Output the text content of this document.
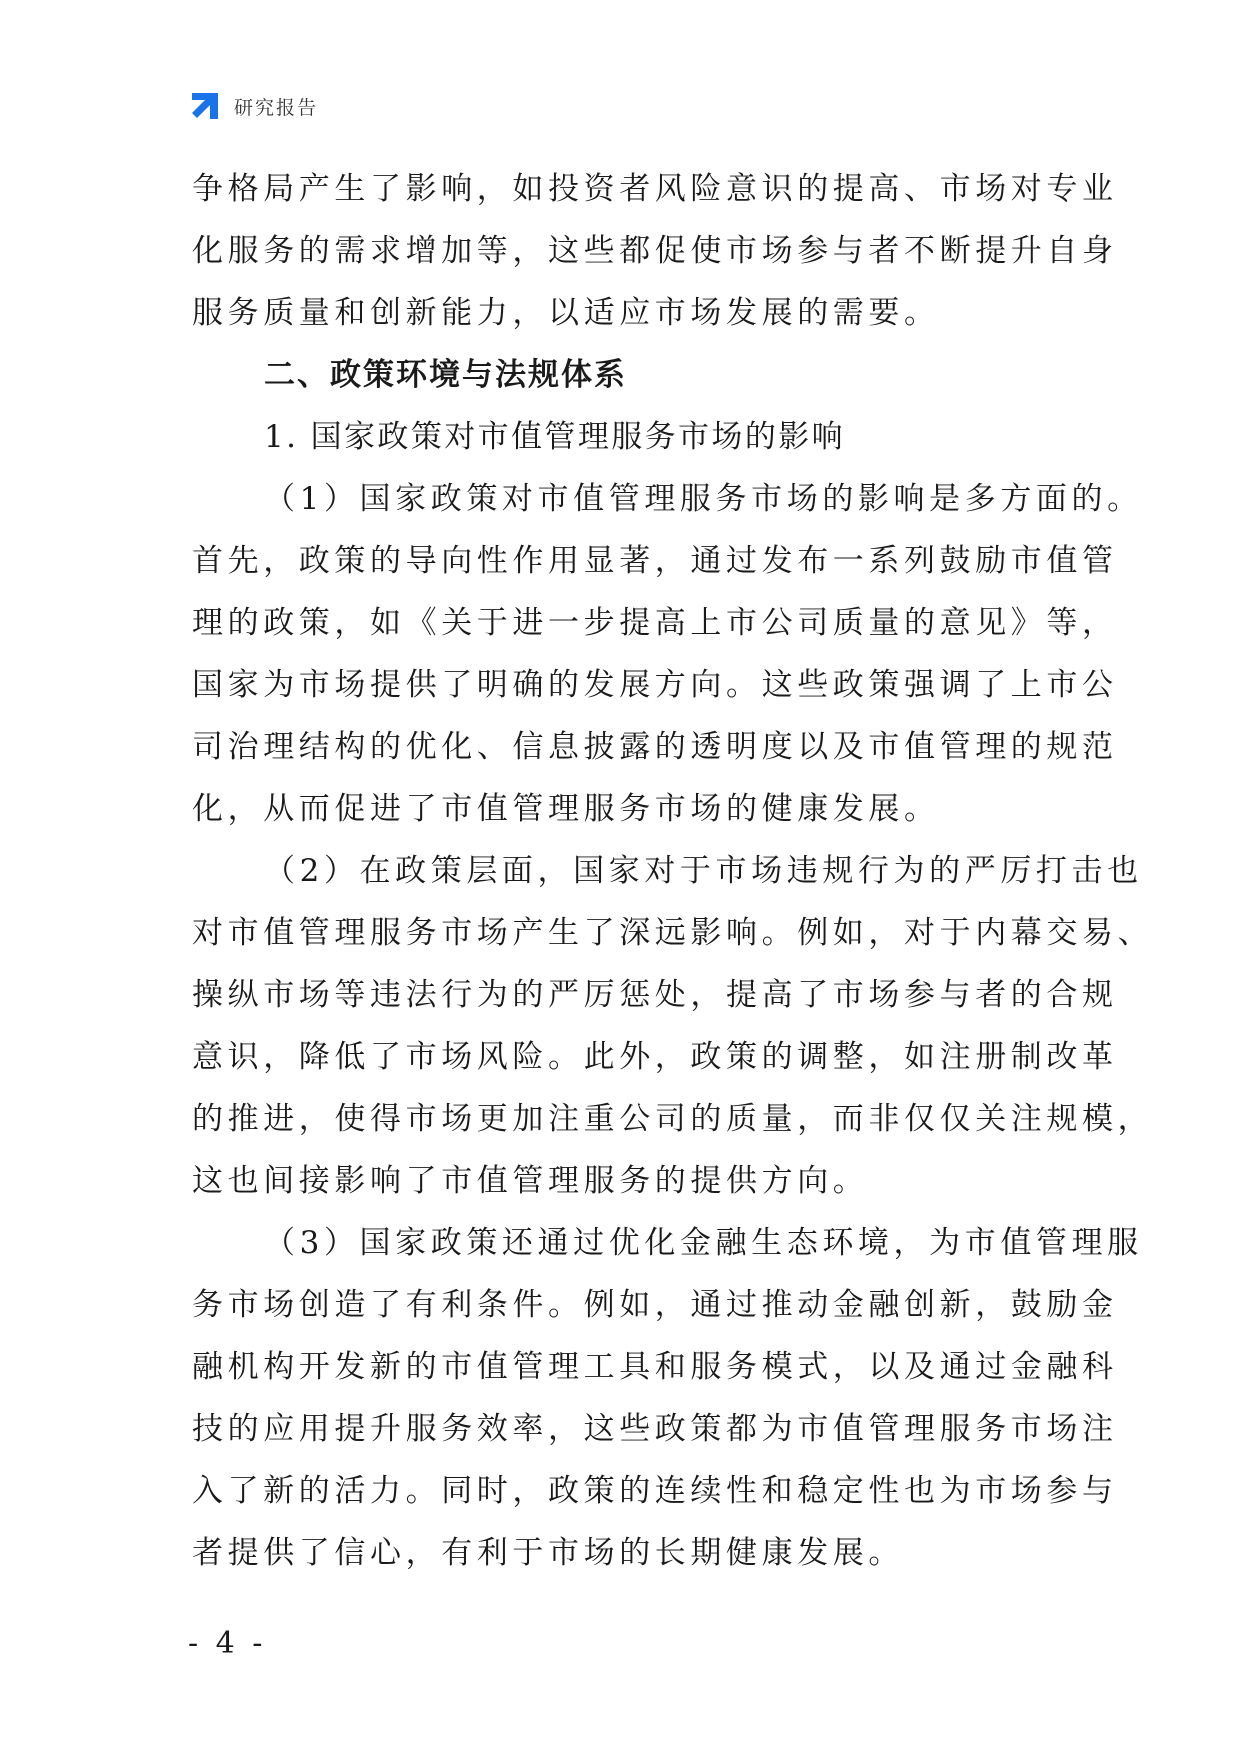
研究报告
争格局产生了影响，如投资者风险意识的提高、市场对专业
化服务的需求增加等，这些都促使市场参与者不断提升自身
服务质量和创新能力，以适应市场发展的需要。
二、政策环境与法规体系
1. 国家政策对市值管理服务市场的影响
（1）国家政策对市值管理服务市场的影响是多方面的。
首先，政策的导向性作用显著，通过发布一系列鼓励市值管
理的政策，如《关于进一步提高上市公司质量的意见》等，
国家为市场提供了明确的发展方向。这些政策强调了上市公
司治理结构的优化、信息披露的透明度以及市值管理的规范
化，从而促进了市值管理服务市场的健康发展。
（2）在政策层面，国家对于市场违规行为的严厉打击也
对市值管理服务市场产生了深远影响。例如，对于内幕交易、
操纵市场等违法行为的严厉惩处，提高了市场参与者的合规
意识，降低了市场风险。此外，政策的调整，如注册制改革
的推进，使得市场更加注重公司的质量，而非仅仅关注规模，
这也间接影响了市值管理服务的提供方向。
（3）国家政策还通过优化金融生态环境，为市值管理服
务市场创造了有利条件。例如，通过推动金融创新，鼓励金
融机构开发新的市值管理工具和服务模式，以及通过金融科
技的应用提升服务效率，这些政策都为市值管理服务市场注
入了新的活力。同时，政策的连续性和稳定性也为市场参与
者提供了信心，有利于市场的长期健康发展。
- 4 -
